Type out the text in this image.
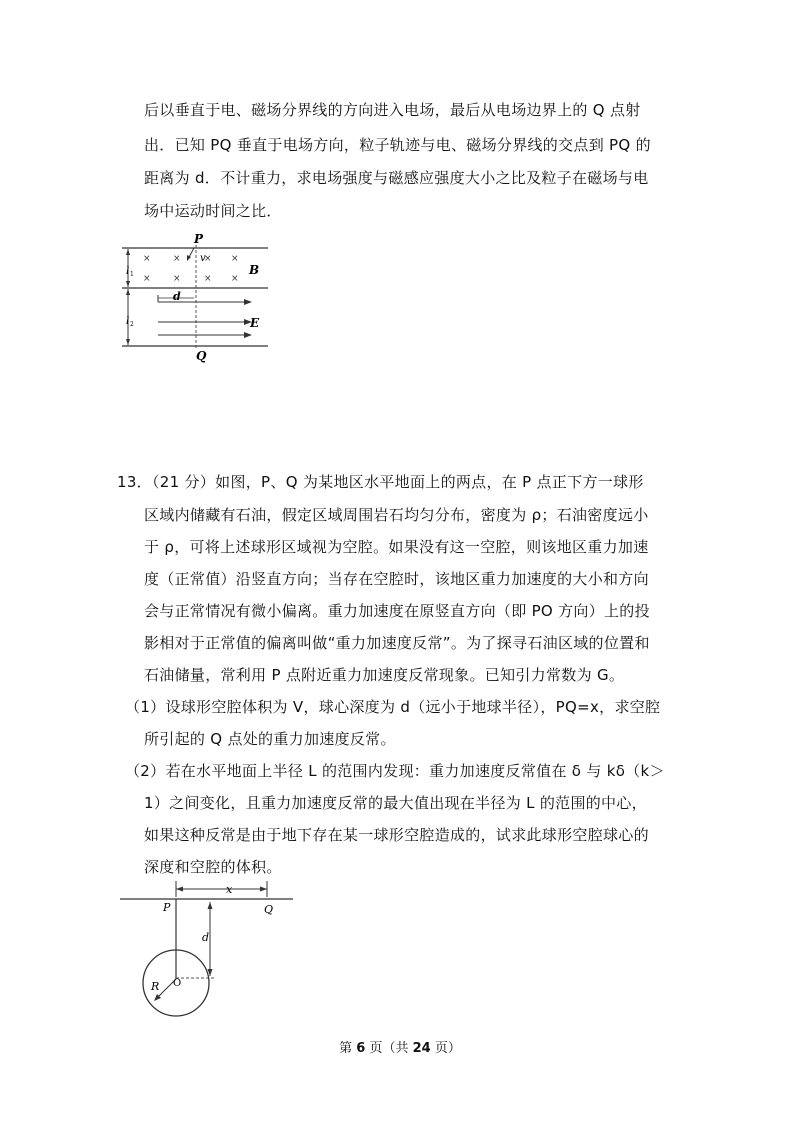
后以垂直于电、磁场分界线的方向进入电场，最后从电场边界上的 Q 点射
出．已知 PQ 垂直于电场方向，粒子轨迹与电、磁场分界线的交点到 PQ 的
距离为 d．不计重力，求电场强度与磁感应强度大小之比及粒子在磁场与电
场中运动时间之比．
× ×	× ×
× ×	× ×
P
v
B
l 1
l 2
d
E
Q
13．（21 分）如图，P、Q 为某地区水平地面上的两点，在 P 点正下方一球形
区域内储藏有石油，假定区域周围岩石均匀分布，密度为 ρ；石油密度远小
于 ρ，可将上述球形区域视为空腔。如果没有这一空腔，则该地区重力加速
度（正常值）沿竖直方向；当存在空腔时，该地区重力加速度的大小和方向
会与正常情况有微小偏离。重力加速度在原竖直方向（即 PO 方向）上的投
影相对于正常值的偏离叫做“重力加速度反常”。为了探寻石油区域的位置和
石油储量，常利用 P 点附近重力加速度反常现象。已知引力常数为 G。
（1）设球形空腔体积为 V，球心深度为 d（远小于地球半径），PQ=x，求空腔
所引起的 Q 点处的重力加速度反常。
（2）若在水平地面上半径 L 的范围内发现：重力加速度反常值在 δ 与 kδ（k＞
1）之间变化，且重力加速度反常的最大值出现在半径为 L 的范围的中心，
如果这种反常是由于地下存在某一球形空腔造成的，试求此球形空腔球心的
深度和空腔的体积。
x
P	Q
d
R O
第 6 页（共 24 页）
